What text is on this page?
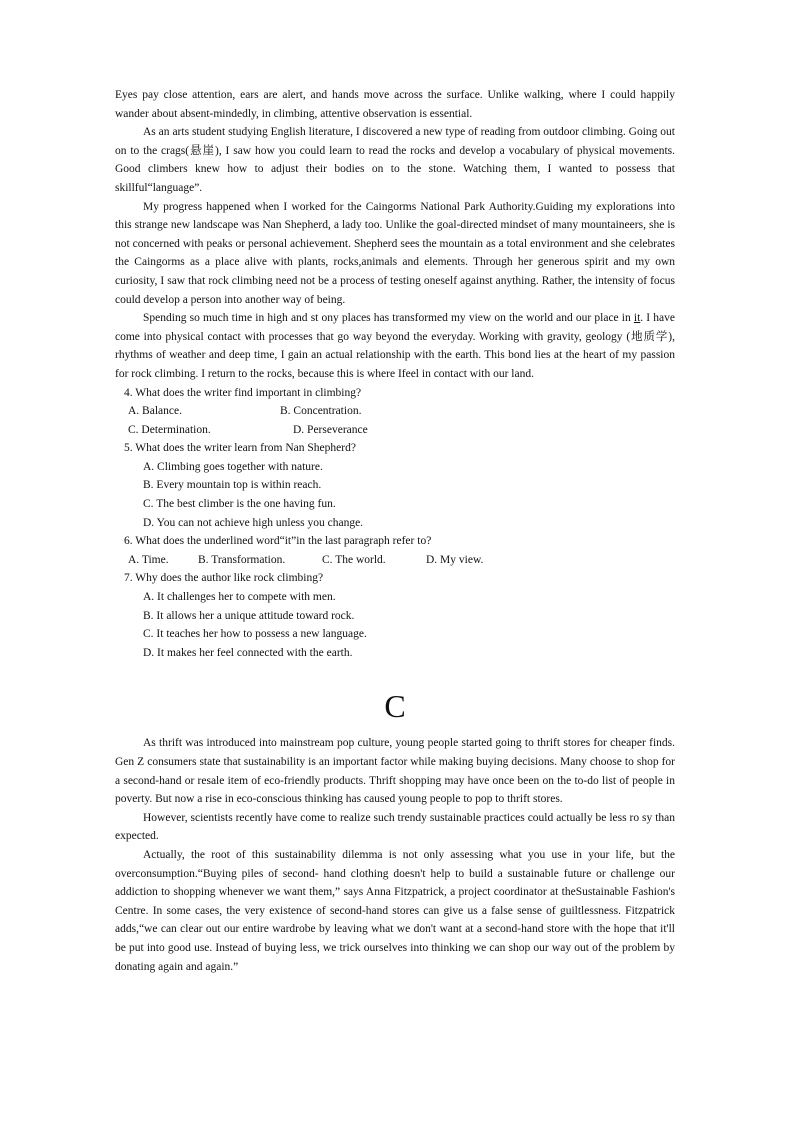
Eyes pay close attention, ears are alert, and hands move across the surface. Unlike walking, where I could happily wander about absent-mindedly, in climbing, attentive observation is essential.

As an arts student studying English literature, I discovered a new type of reading from outdoor climbing. Going out on to the crags(悬崖), I saw how you could learn to read the rocks and develop a vocabulary of physical movements. Good climbers knew how to adjust their bodies on to the stone. Watching them, I wanted to possess that skillful“language”.

My progress happened when I worked for the Caingorms National Park Authority.Guiding my explorations into this strange new landscape was Nan Shepherd, a lady too. Unlike the goal-directed mindset of many mountaineers, she is not concerned with peaks or personal achievement. Shepherd sees the mountain as a total environment and she celebrates the Caingorms as a place alive with plants, rocks,animals and elements. Through her generous spirit and my own curiosity, I saw that rock climbing need not be a process of testing oneself against anything. Rather, the intensity of focus could develop a person into another way of being.

Spending so much time in high and st ony places has transformed my view on the world and our place in it. I have come into physical contact with processes that go way beyond the everyday. Working with gravity, geology (地质学), rhythms of weather and deep time, I gain an actual relationship with the earth. This bond lies at the heart of my passion for rock climbing. I return to the rocks, because this is where Ifeel in contact with our land.

4. What does the writer find important in climbing?

A. Balance.	B. Concentration.
C. Determination.	D. Perseverance

5. What does the writer learn from Nan Shepherd?

A. Climbing goes together with nature.

B. Every mountain top is within reach.

C. The best climber is the one having fun.

D. You can not achieve high unless you change.

6. What does the underlined word“it”in the last paragraph refer to?

A. Time.	B. Transformation.	C. The world.	D. My view.

7. Why does the author like rock climbing?

A. It challenges her to compete with men.

B. It allows her a unique attitude toward rock.

C. It teaches her how to possess a new language.

D. It makes her feel connected with the earth.

C

As thrift was introduced into mainstream pop culture, young people started going to thrift stores for cheaper finds. Gen Z consumers state that sustainability is an important factor while making buying decisions. Many choose to shop for a second-hand or resale item of eco-friendly products. Thrift shopping may have once been on the to-do list of people in poverty. But now a rise in eco-conscious thinking has caused young people to pop to thrift stores.

However, scientists recently have come to realize such trendy sustainable practices could actually be less ro sy than expected.

Actually, the root of this sustainability dilemma is not only assessing what you use in your life, but the overconsumption.“Buying piles of second- hand clothing doesn't help to build a sustainable future or challenge our addiction to shopping whenever we want them,” says Anna Fitzpatrick, a project coordinator at theSustainable Fashion's Centre. In some cases, the very existence of second-hand stores can give us a false sense of guiltlessness. Fitzpatrick adds,“we can clear out our entire wardrobe by leaving what we don't want at a second-hand store with the hope that it'll be put into good use. Instead of buying less, we trick ourselves into thinking we can shop our way out of the problem by donating again and again.”
